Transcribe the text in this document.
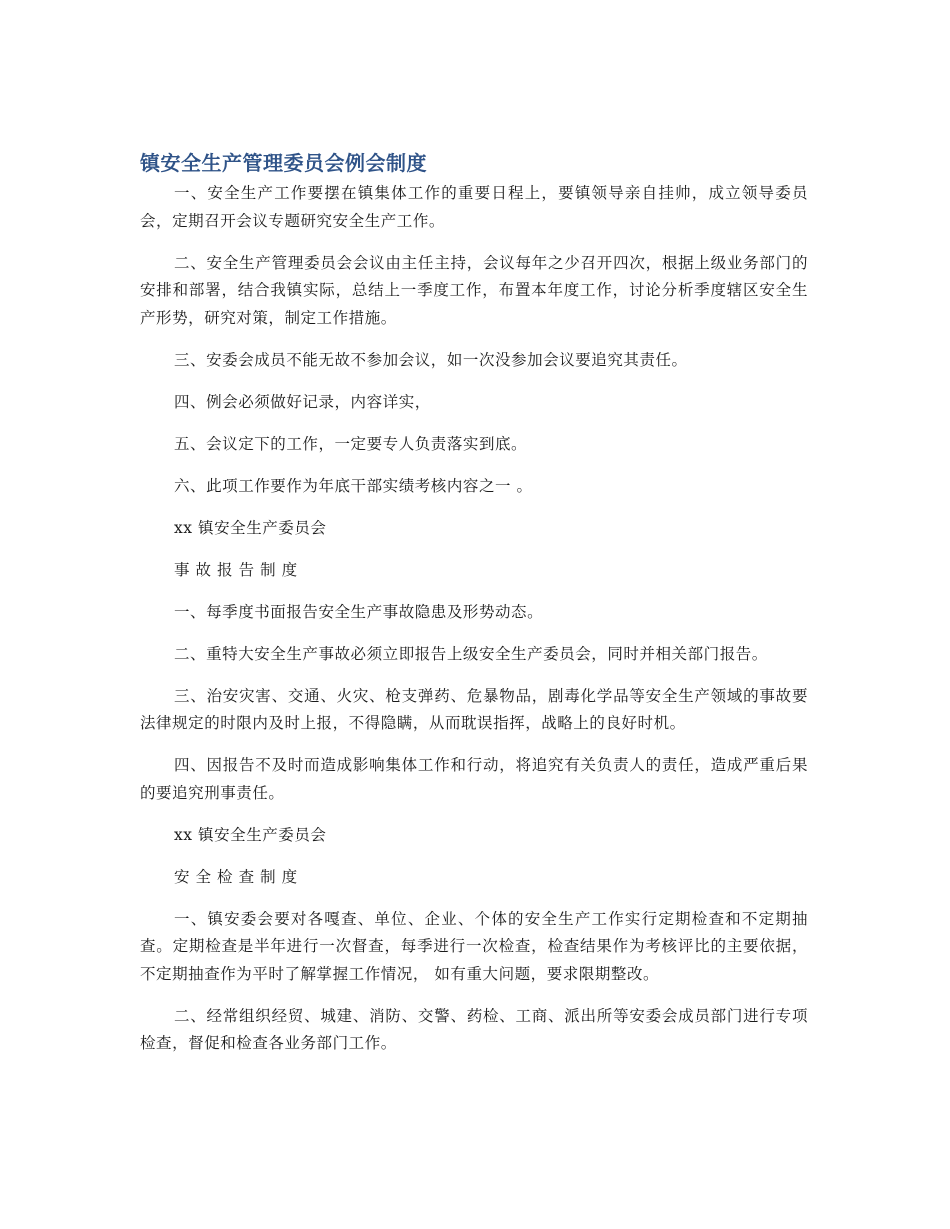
镇安全生产管理委员会例会制度

一、安全生产工作要摆在镇集体工作的重要日程上，要镇领导亲自挂帅，成立领导委员会，定期召开会议专题研究安全生产工作。

二、安全生产管理委员会会议由主任主持，会议每年之少召开四次，根据上级业务部门的安排和部署，结合我镇实际，总结上一季度工作，布置本年度工作，讨论分析季度辖区安全生产形势，研究对策，制定工作措施。

三、安委会成员不能无故不参加会议，如一次没参加会议要追究其责任。

四、例会必须做好记录，内容详实，

五、会议定下的工作，一定要专人负责落实到底。

六、此项工作要作为年底干部实绩考核内容之一 。

xx 镇安全生产委员会

事 故 报 告 制 度

一、每季度书面报告安全生产事故隐患及形势动态。

二、重特大安全生产事故必须立即报告上级安全生产委员会，同时并相关部门报告。

三、治安灾害、交通、火灾、枪支弹药、危暴物品，剧毒化学品等安全生产领域的事故要法律规定的时限内及时上报，不得隐瞒，从而耽误指挥，战略上的良好时机。

四、因报告不及时而造成影响集体工作和行动，将追究有关负责人的责任，造成严重后果的要追究刑事责任。

xx 镇安全生产委员会

安 全 检 查 制 度

一、镇安委会要对各嘎查、单位、企业、个体的安全生产工作实行定期检查和不定期抽查。定期检查是半年进行一次督查，每季进行一次检查，检查结果作为考核评比的主要依据，不定期抽查作为平时了解掌握工作情况， 如有重大问题，要求限期整改。

二、经常组织经贸、城建、消防、交警、药检、工商、派出所等安委会成员部门进行专项检查，督促和检查各业务部门工作。
